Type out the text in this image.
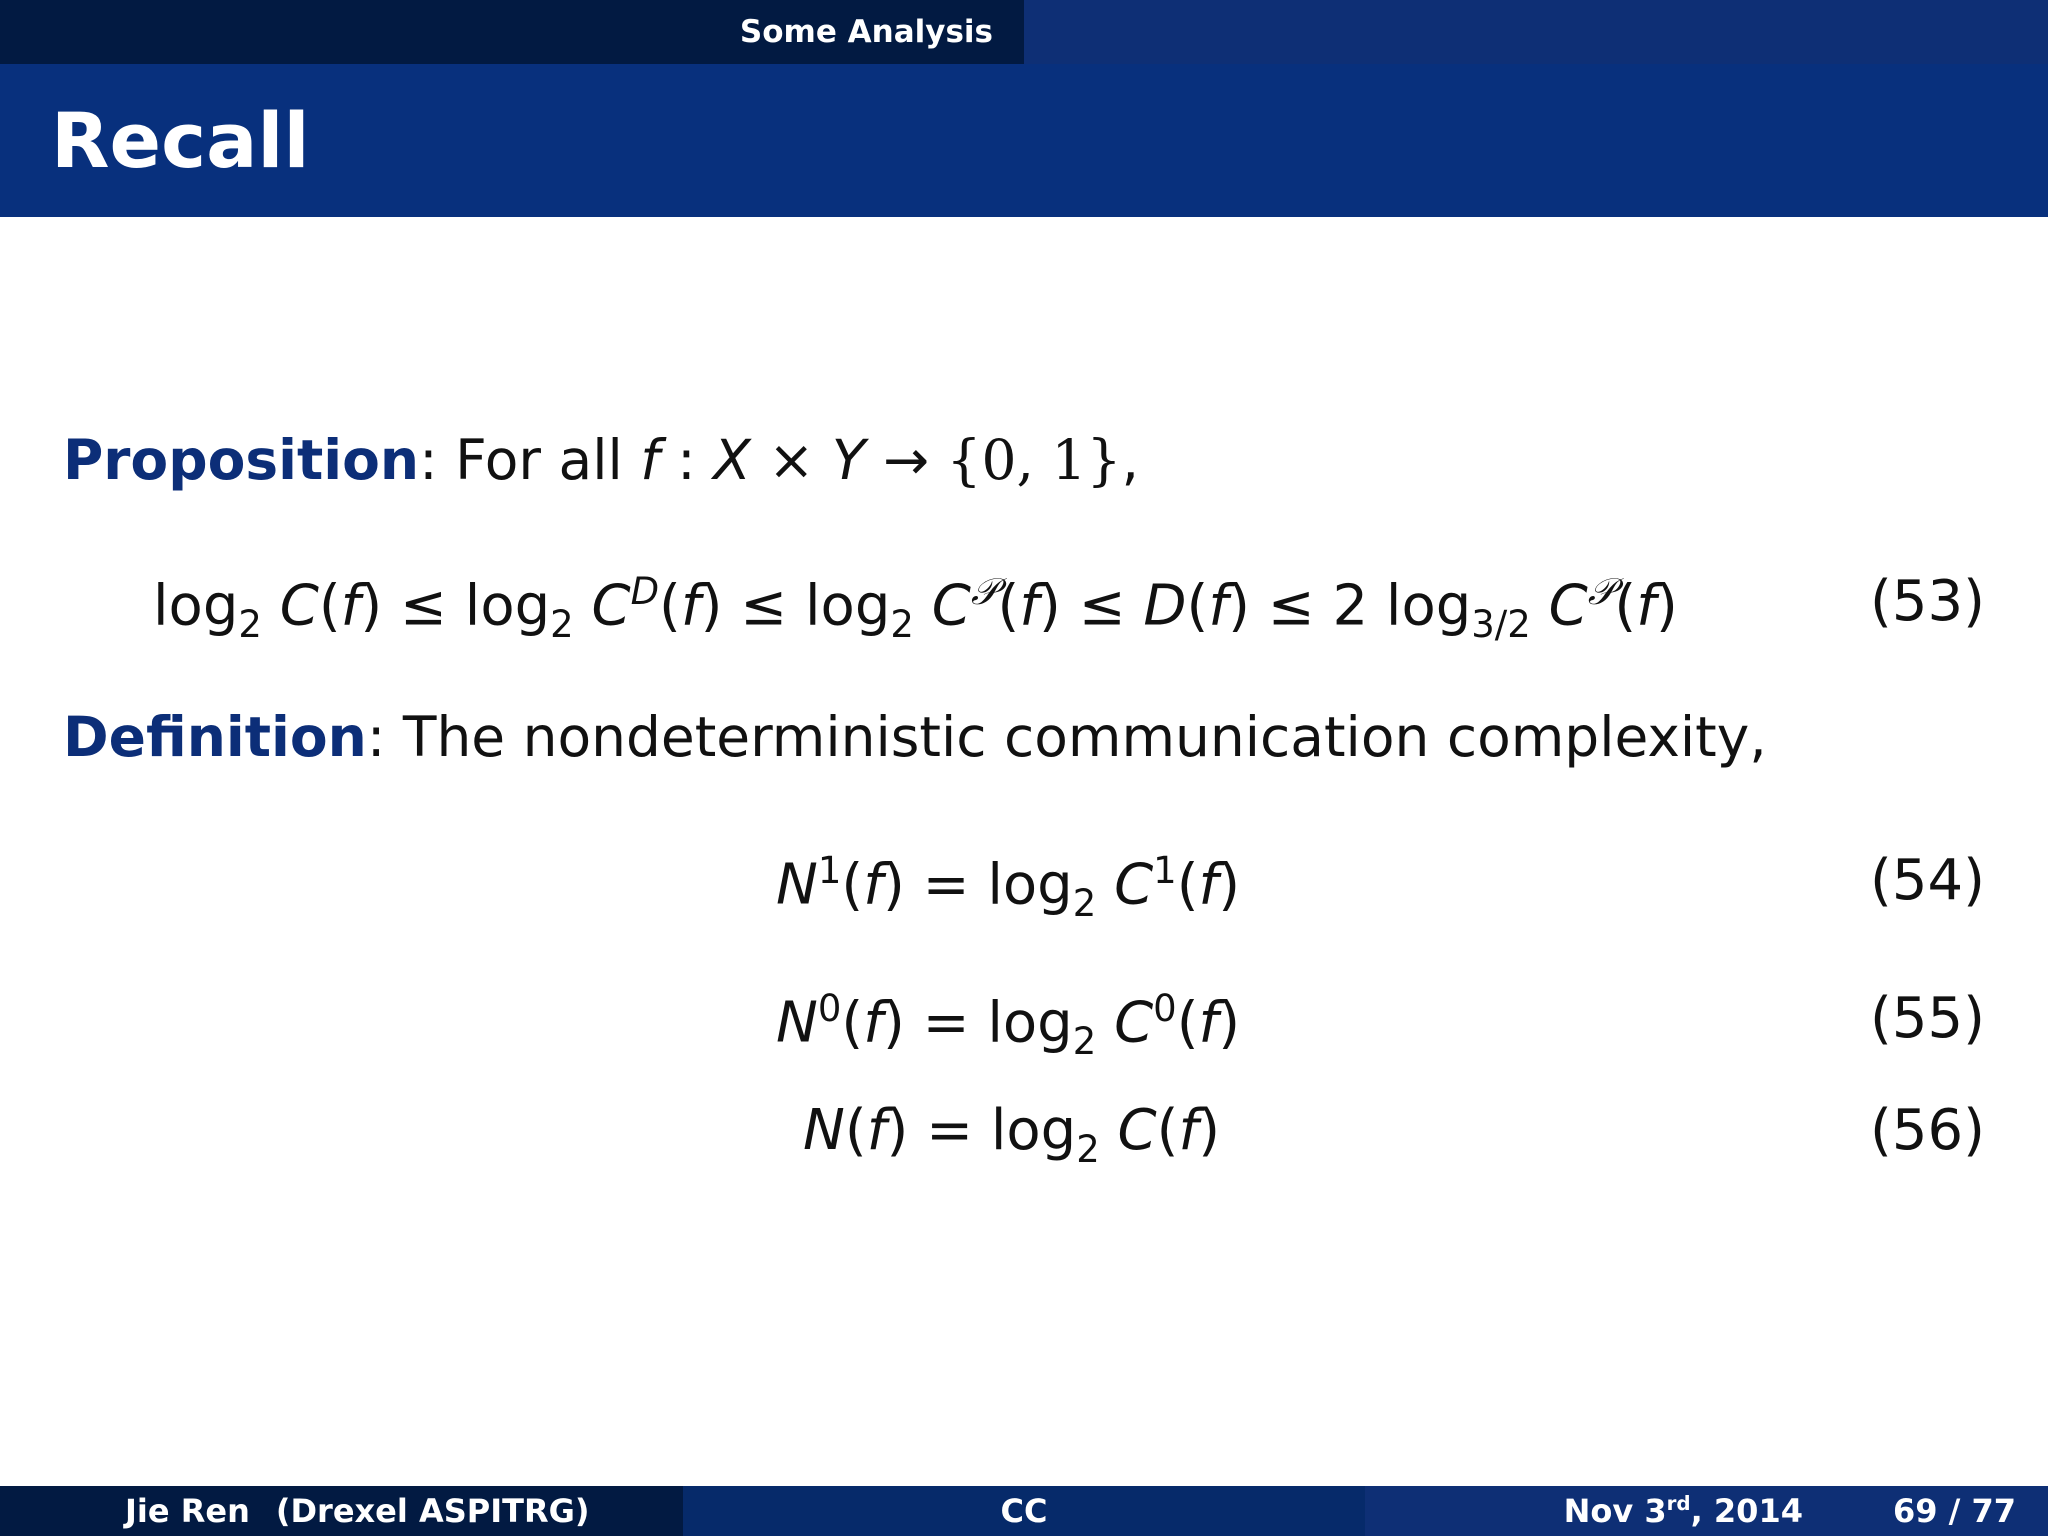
Some Analysis
Recall
Proposition: For all f : X × Y → {0, 1},
$\log_2 C(f) \le \log_2 C^D(f) \le \log_2 C^𝒫(f) \le D(f) \le 2$ $\log_{3/2} C^𝒫(f)$	(53)
Definition: The nondeterministic communication complexity,
$N^1(f) = \log_2 C^1(f)$	(54)
$N^0(f) = \log_2 C^0(f)$	(55)
$N(f) = \log_2 C(f)$	(56)
Jie Ren (Drexel ASPITRG)	CC	Nov 3rd, 2014	69 / 77
